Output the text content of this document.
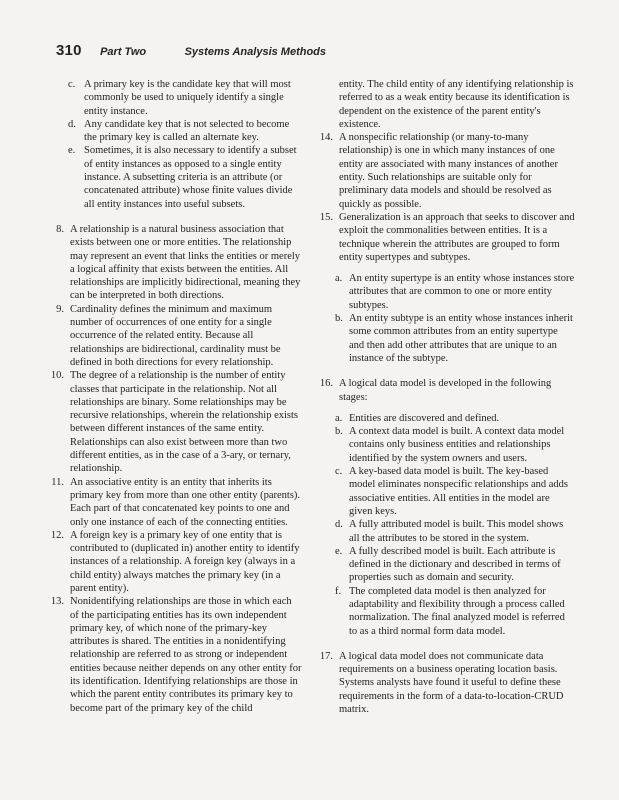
310 Part Two	Systems Analysis Methods
c. A primary key is the candidate key that will most commonly be used to uniquely identify a single entity instance.
d. Any candidate key that is not selected to become the primary key is called an alternate key.
e. Sometimes, it is also necessary to identify a subset of entity instances as opposed to a single entity instance. A subsetting criteria is an attribute (or concatenated attribute) whose finite values divide all entity instances into useful subsets.
8. A relationship is a natural business association that exists between one or more entities. The relationship may represent an event that links the entities or merely a logical affinity that exists between the entities. All relationships are implicitly bidirectional, meaning they can be interpreted in both directions.
9. Cardinality defines the minimum and maximum number of occurrences of one entity for a single occurrence of the related entity. Because all relationships are bidirectional, cardinality must be defined in both directions for every relationship.
10. The degree of a relationship is the number of entity classes that participate in the relationship. Not all relationships are binary. Some relationships may be recursive relationships, wherein the relationship exists between different instances of the same entity. Relationships can also exist between more than two different entities, as in the case of a 3-ary, or ternary, relationship.
11. An associative entity is an entity that inherits its primary key from more than one other entity (parents). Each part of that concatenated key points to one and only one instance of each of the connecting entities.
12. A foreign key is a primary key of one entity that is contributed to (duplicated in) another entity to identify instances of a relationship. A foreign key (always in a child entity) always matches the primary key (in a parent entity).
13. Nonidentifying relationships are those in which each of the participating entities has its own independent primary key, of which none of the primary-key attributes is shared. The entities in a nonidentifying relationship are referred to as strong or independent entities because neither depends on any other entity for its identification. Identifying relationships are those in which the parent entity contributes its primary key to become part of the primary key of the child
entity. The child entity of any identifying relationship is referred to as a weak entity because its identification is dependent on the existence of the parent entity's existence.
14. A nonspecific relationship (or many-to-many relationship) is one in which many instances of one entity are associated with many instances of another entity. Such relationships are suitable only for preliminary data models and should be resolved as quickly as possible.
15. Generalization is an approach that seeks to discover and exploit the commonalities between entities. It is a technique wherein the attributes are grouped to form entity supertypes and subtypes.
a. An entity supertype is an entity whose instances store attributes that are common to one or more entity subtypes.
b. An entity subtype is an entity whose instances inherit some common attributes from an entity supertype and then add other attributes that are unique to an instance of the subtype.
16. A logical data model is developed in the following stages:
a. Entities are discovered and defined.
b. A context data model is built. A context data model contains only business entities and relationships identified by the system owners and users.
c. A key-based data model is built. The key-based model eliminates nonspecific relationships and adds associative entities. All entities in the model are given keys.
d. A fully attributed model is built. This model shows all the attributes to be stored in the system.
e. A fully described model is built. Each attribute is defined in the dictionary and described in terms of properties such as domain and security.
f. The completed data model is then analyzed for adaptability and flexibility through a process called normalization. The final analyzed model is referred to as a third normal form data model.
17. A logical data model does not communicate data requirements on a business operating location basis. Systems analysts have found it useful to define these requirements in the form of a data-to-location-CRUD matrix.
